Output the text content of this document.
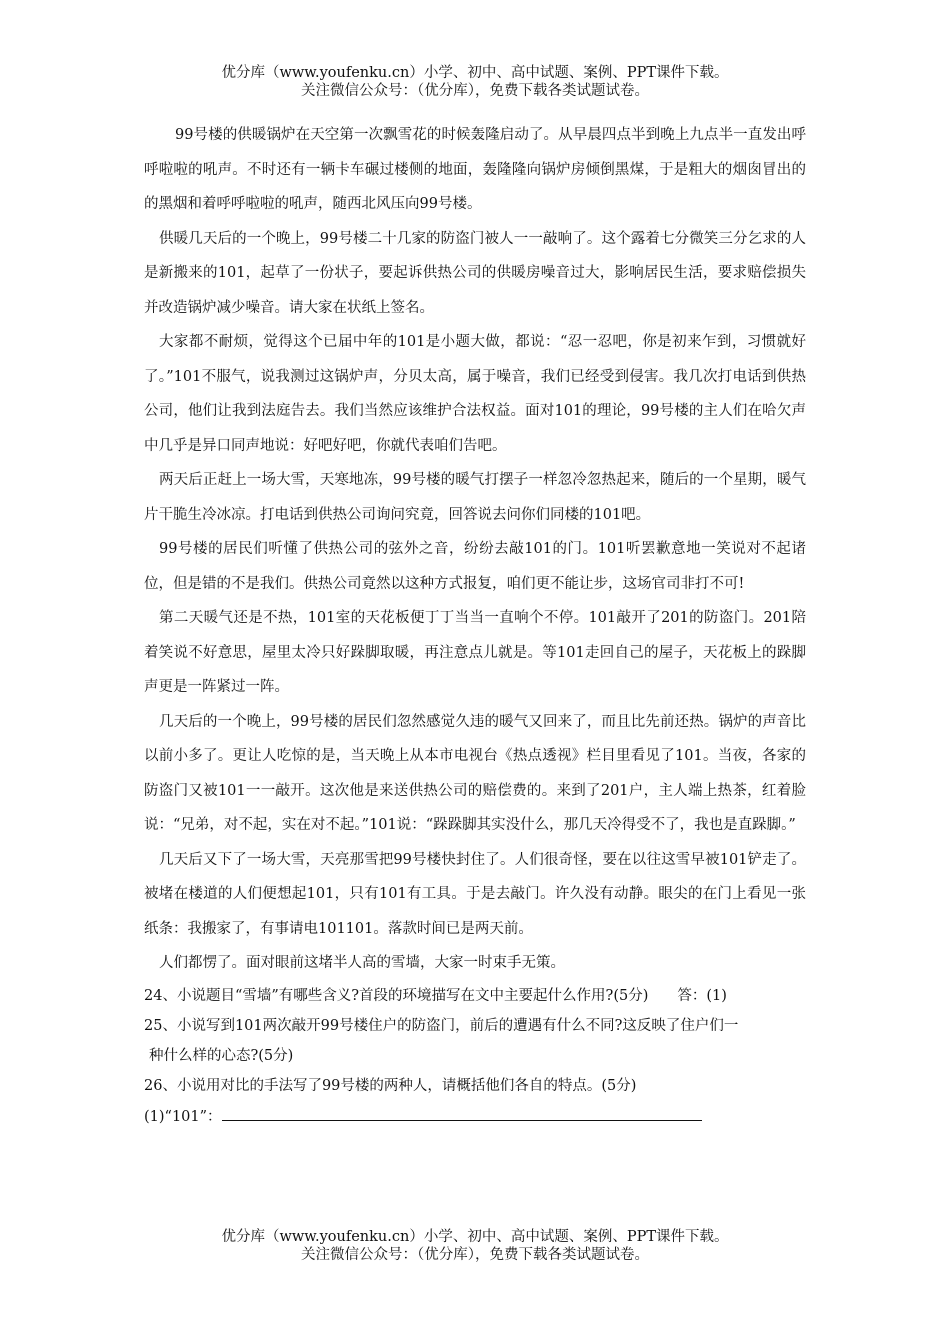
优分库（www.youfenku.cn）小学、初中、高中试题、案例、PPT课件下载。
关注微信公众号：（优分库），免费下载各类试题试卷。

99号楼的供暖锅炉在天空第一次飘雪花的时候轰隆启动了。从早晨四点半到晚上九点半一直发出呼呼啦啦的吼声。不时还有一辆卡车碾过楼侧的地面，轰隆隆向锅炉房倾倒黑煤，于是粗大的烟囱冒出的的黑烟和着呼呼啦啦的吼声，随西北风压向99号楼。

供暖几天后的一个晚上，99号楼二十几家的防盗门被人一一敲响了。这个露着七分微笑三分乞求的人是新搬来的101，起草了一份状子，要起诉供热公司的供暖房噪音过大，影响居民生活，要求赔偿损失并改造锅炉减少噪音。请大家在状纸上签名。

大家都不耐烦，觉得这个已届中年的101是小题大做，都说：“忍一忍吧，你是初来乍到，习惯就好了。”101不服气，说我测过这锅炉声，分贝太高，属于噪音，我们已经受到侵害。我几次打电话到供热公司，他们让我到法庭告去。我们当然应该维护合法权益。面对101的理论，99号楼的主人们在哈欠声中几乎是异口同声地说：好吧好吧，你就代表咱们告吧。

两天后正赶上一场大雪，天寒地冻，99号楼的暖气打摆子一样忽冷忽热起来，随后的一个星期，暖气片干脆生冷冰凉。打电话到供热公司询问究竟，回答说去问你们同楼的101吧。

99号楼的居民们听懂了供热公司的弦外之音，纷纷去敲101的门。101听罢歉意地一笑说对不起诸位，但是错的不是我们。供热公司竟然以这种方式报复，咱们更不能让步，这场官司非打不可!

第二天暖气还是不热，101室的天花板便丁丁当当一直响个不停。101敲开了201的防盗门。201陪着笑说不好意思，屋里太冷只好跺脚取暖，再注意点儿就是。等101走回自己的屋子，天花板上的跺脚声更是一阵紧过一阵。

几天后的一个晚上，99号楼的居民们忽然感觉久违的暖气又回来了，而且比先前还热。锅炉的声音比以前小多了。更让人吃惊的是，当天晚上从本市电视台《热点透视》栏目里看见了101。当夜，各家的防盗门又被101一一敲开。这次他是来送供热公司的赔偿费的。来到了201户，主人端上热茶，红着脸说：“兄弟，对不起，实在对不起。”101说：“跺跺脚其实没什么，那几天冷得受不了，我也是直跺脚。”

几天后又下了一场大雪，天亮那雪把99号楼快封住了。人们很奇怪，要在以往这雪早被101铲走了。被堵在楼道的人们便想起101，只有101有工具。于是去敲门。许久没有动静。眼尖的在门上看见一张纸条：我搬家了，有事请电101101。落款时间已是两天前。

人们都愣了。面对眼前这堵半人高的雪墙，大家一时束手无策。

24、小说题目“雪墙”有哪些含义?首段的环境描写在文中主要起什么作用?(5分)　　答：(1)

25、小说写到101两次敲开99号楼住户的防盗门，前后的遭遇有什么不同?这反映了住户们一
种什么样的心态?(5分)

26、小说用对比的手法写了99号楼的两种人，请概括他们各自的特点。(5分)

(1)“101”：

优分库（www.youfenku.cn）小学、初中、高中试题、案例、PPT课件下载。
关注微信公众号：（优分库），免费下载各类试题试卷。
